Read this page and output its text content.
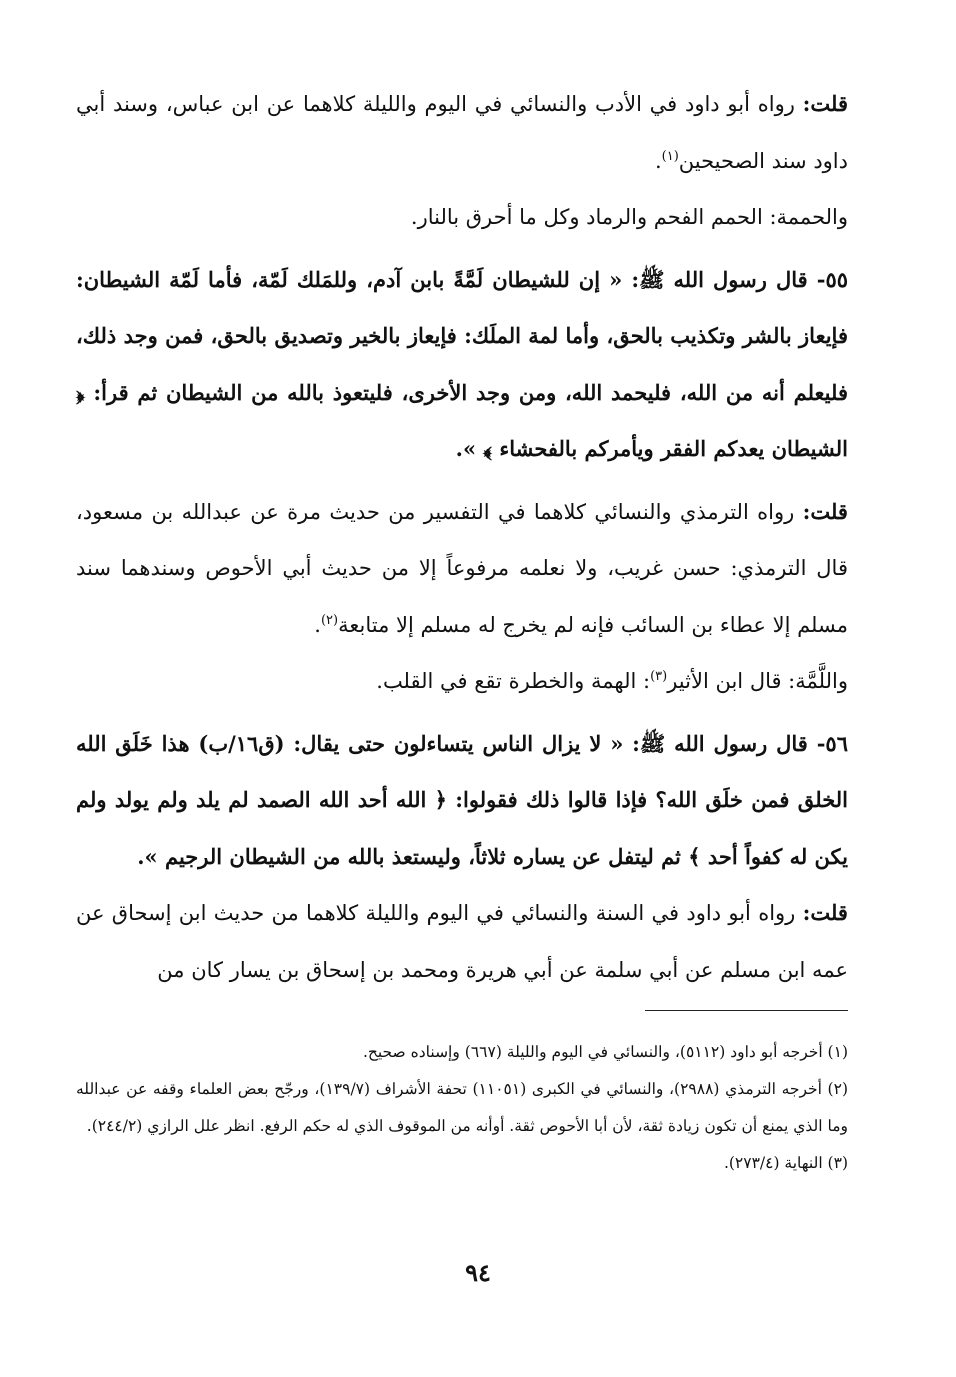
قلت: رواه أبو داود في الأدب والنسائي في اليوم والليلة كلاهما عن ابن عباس، وسند أبي داود سند الصحيحين$^{(١)}$.

والحممة: الحمم الفحم والرماد وكل ما أحرق بالنار.

٥٥- قال رسول الله ﷺ: « إن للشيطان لَمَّةً بابن آدم، وللمَلك لَمّة، فأما لَمّة الشيطان: فإيعاز بالشر وتكذيب بالحق، وأما لمة الملَك: فإيعاز بالخير وتصديق بالحق، فمن وجد ذلك، فليعلم أنه من الله، فليحمد الله، ومن وجد الأخرى، فليتعوذ بالله من الشيطان ثم قرأ: ﴿ الشيطان يعدكم الفقر ويأمركم بالفحشاء ﴾ ».

قلت: رواه الترمذي والنسائي كلاهما في التفسير من حديث مرة عن عبدالله بن مسعود، قال الترمذي: حسن غريب، ولا نعلمه مرفوعاً إلا من حديث أبي الأحوص وسندهما سند مسلم إلا عطاء بن السائب فإنه لم يخرج له مسلم إلا متابعة$^{(٢)}$.

واللَّمَّة: قال ابن الأثير$^{(٣)}$: الهمة والخطرة تقع في القلب.

٥٦- قال رسول الله ﷺ: « لا يزال الناس يتساءلون حتى يقال: (ق١٦/ب) هذا خَلَق الله الخلق فمن خلَق الله؟ فإذا قالوا ذلك فقولوا: ﴿ الله أحد الله الصمد لم يلد ولم يولد ولم يكن له كفواً أحد ﴾ ثم ليتفل عن يساره ثلاثاً، وليستعذ بالله من الشيطان الرجيم ».

قلت: رواه أبو داود في السنة والنسائي في اليوم والليلة كلاهما من حديث ابن إسحاق عن عمه ابن مسلم عن أبي سلمة عن أبي هريرة ومحمد بن إسحاق بن يسار كان من

(١) أخرجه أبو داود (٥١١٢)، والنسائي في اليوم والليلة (٦٦٧) وإسناده صحيح.

(٢) أخرجه الترمذي (٢٩٨٨)، والنسائي في الكبرى (١١٠٥١) تحفة الأشراف (١٣٩/٧)، ورجّح بعض العلماء وقفه عن عبدالله وما الذي يمنع أن تكون زيادة ثقة، لأن أبا الأحوص ثقة. أوأنه من الموقوف الذي له حكم الرفع. انظر علل الرازي (٢٤٤/٢).

(٣) النهاية (٢٧٣/٤).

٩٤
